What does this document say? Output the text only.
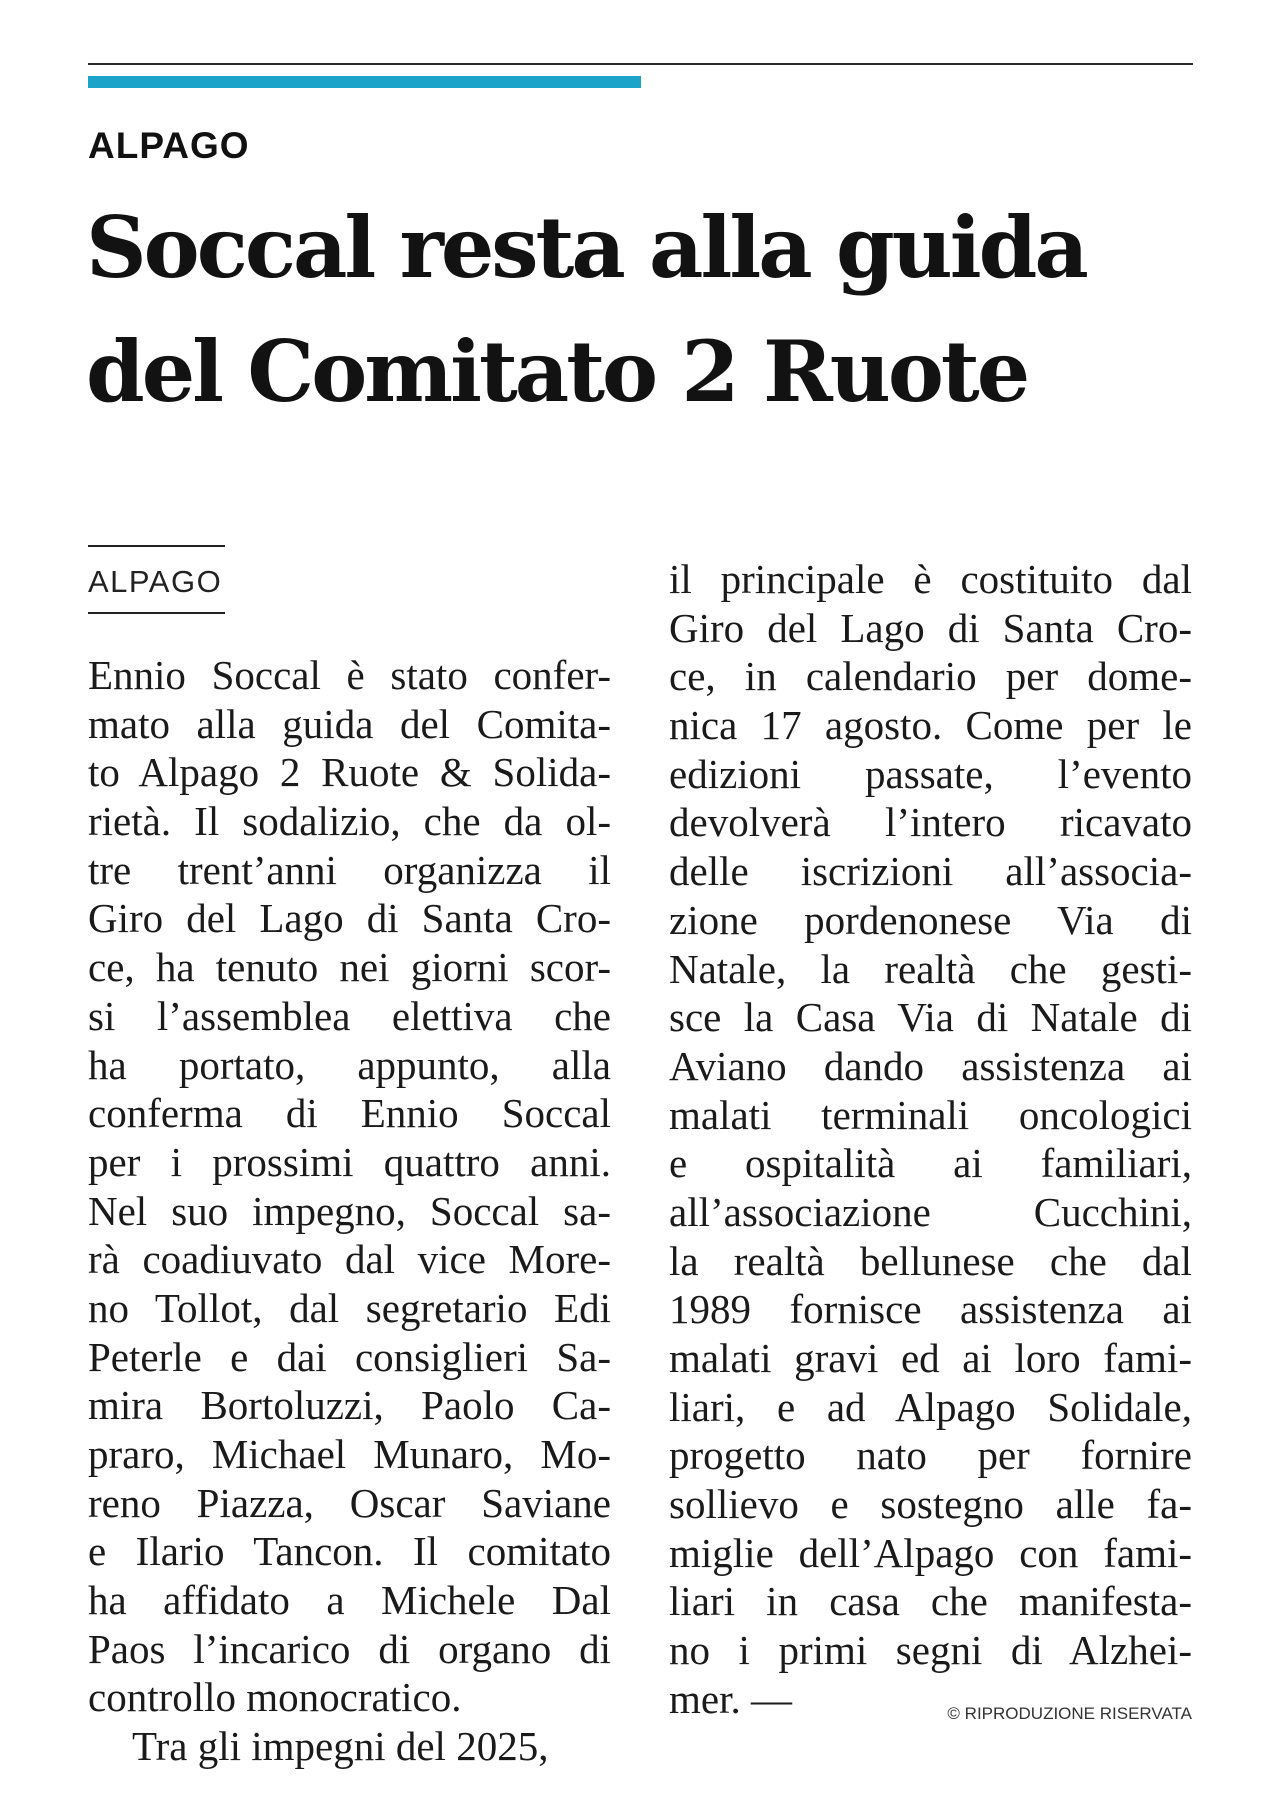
ALPAGO
Soccal resta alla guida
del Comitato 2 Ruote
ALPAGO
Ennio Soccal è stato confer-
mato alla guida del Comita-
to Alpago 2 Ruote & Solida-
rietà. Il sodalizio, che da ol-
tre trent’anni organizza il
Giro del Lago di Santa Cro-
ce, ha tenuto nei giorni scor-
si l’assemblea elettiva che
ha portato, appunto, alla
conferma di Ennio Soccal
per i prossimi quattro anni.
Nel suo impegno, Soccal sa-
rà coadiuvato dal vice More-
no Tollot, dal segretario Edi
Peterle e dai consiglieri Sa-
mira Bortoluzzi, Paolo Ca-
praro, Michael Munaro, Mo-
reno Piazza, Oscar Saviane
e Ilario Tancon. Il comitato
ha affidato a Michele Dal
Paos l’incarico di organo di
controllo monocratico.
Tra gli impegni del 2025,
il principale è costituito dal
Giro del Lago di Santa Cro-
ce, in calendario per dome-
nica 17 agosto. Come per le
edizioni passate, l’evento
devolverà l’intero ricavato
delle iscrizioni all’associa-
zione pordenonese Via di
Natale, la realtà che gesti-
sce la Casa Via di Natale di
Aviano dando assistenza ai
malati terminali oncologici
e ospitalità ai familiari,
all’associazione Cucchini,
la realtà bellunese che dal
1989 fornisce assistenza ai
malati gravi ed ai loro fami-
liari, e ad Alpago Solidale,
progetto nato per fornire
sollievo e sostegno alle fa-
miglie dell’Alpago con fami-
liari in casa che manifesta-
no i primi segni di Alzhei-
mer. —	© RIPRODUZIONE RISERVATA
